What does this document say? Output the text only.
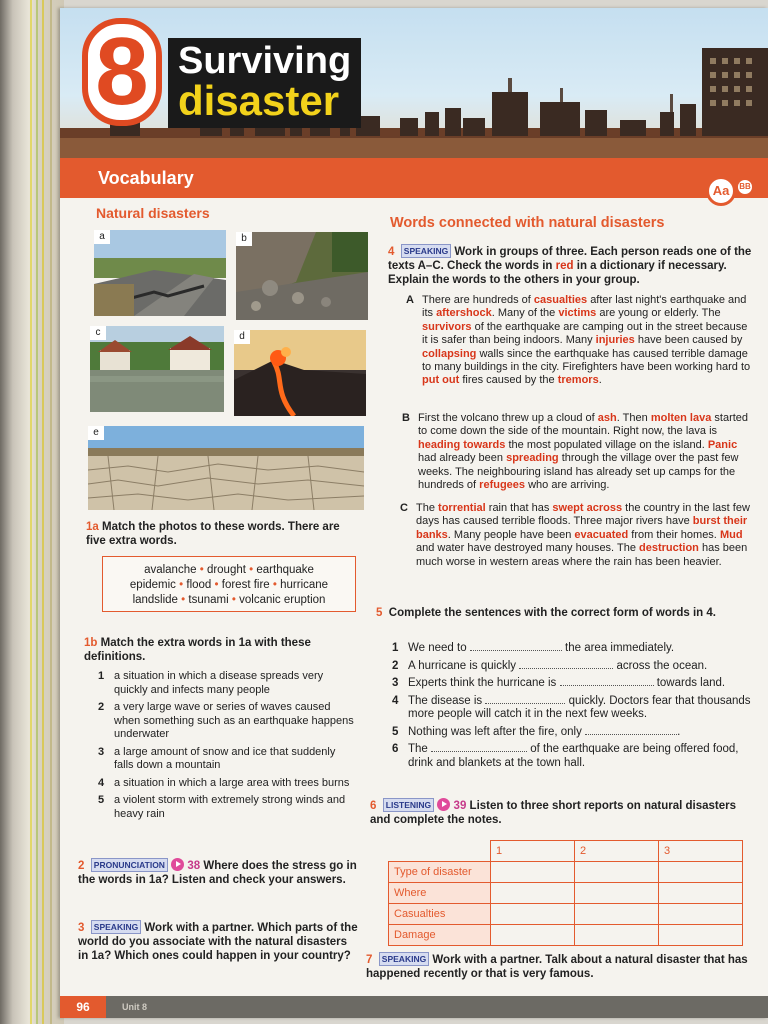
8 Surviving
disaster
Vocabulary
Aa	BB
Natural disasters
Words connected with natural disasters
a	b
c	d
e
1a Match the photos to these words. There are five extra words.
avalanche • drought • earthquake
epidemic • flood • forest fire • hurricane
landslide • tsunami • volcanic eruption
1b Match the extra words in 1a with these definitions.
1 a situation in which a disease spreads very quickly and infects many people
2 a very large wave or series of waves caused when something such as an earthquake happens underwater
3 a large amount of snow and ice that suddenly falls down a mountain
4 a situation in which a large area with trees burns
5 a violent storm with extremely strong winds and heavy rain
2 PRONUNCIATION 38 Where does the stress go in the words in 1a? Listen and check your answers.
3 SPEAKING Work with a partner. Which parts of the world do you associate with the natural disasters in 1a? Which ones could happen in your country?
4 SPEAKING Work in groups of three. Each person reads one of the texts A–C. Check the words in red in a dictionary if necessary. Explain the words to the others in your group.
A There are hundreds of casualties after last night's earthquake and its aftershock. Many of the victims are young or elderly. The survivors of the earthquake are camping out in the street because it is safer than being indoors. Many injuries have been caused by collapsing walls since the earthquake has caused terrible damage to many buildings in the city. Firefighters have been working hard to put out fires caused by the tremors.
B First the volcano threw up a cloud of ash. Then molten lava started to come down the side of the mountain. Right now, the lava is heading towards the most populated village on the island. Panic had already been spreading through the village over the past few weeks. The neighbouring island has already set up camps for the hundreds of refugees who are arriving.
C The torrential rain that has swept across the country in the last few days has caused terrible floods. Three major rivers have burst their banks. Many people have been evacuated from their homes. Mud and water have destroyed many houses. The destruction has been much worse in western areas where the rain has been heavier.
5 Complete the sentences with the correct form of words in 4.
1 We need to	the area immediately.
2 A hurricane is quickly	across the ocean.
3 Experts think the hurricane is	towards land.
4 The disease is	quickly. Doctors fear that thousands more people will catch it in the next few weeks.
5 Nothing was left after the fire, only	.
6 The	of the earthquake are being offered food, drink and blankets at the town hall.
6 LISTENING 39 Listen to three short reports on natural disasters and complete the notes.
	1	2	3
Type of disaster			
Where			
Casualties			
Damage			
7 SPEAKING Work with a partner. Talk about a natural disaster that has happened recently or that is very famous.
96	Unit 8
